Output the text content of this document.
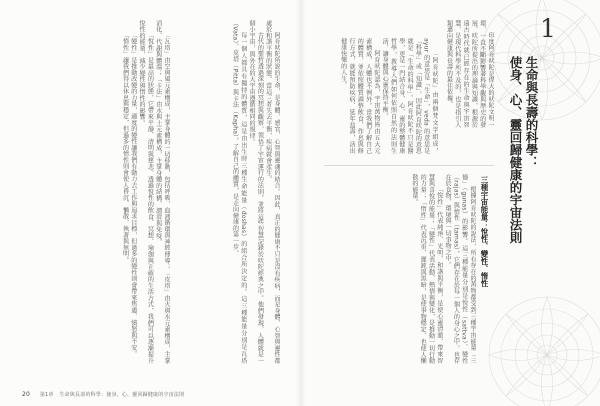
1
生命與長壽的科學：
使身、心、靈回歸健康的宇宙法則

印度阿育吠陀是偉大的吠陀文明一環，一直不斷影響著科學觀與歷史的發展。吠陀所提出的理論與知識，根源於遠古時代就已經存在的生命與宇宙智慧，是現代科學所不及的，也是指引人類邁向健康與長壽的最佳依據。

「阿育吠陀」由兩個梵文字組成，ayur 的意思是「生命」，veda 的意思是「科學」或「知識」，因此阿育吠陀的意思就是「生命的科學」。阿育吠陀不只是醫學，更是一門結合身、心、靈的整體健康哲學，教導人們如何依照自然的法則生活，讓身體與心靈保持平衡。

阿育吠陀認為，宇宙萬物皆由五大元素構成，人體也不例外。當我們了解自己的體質，並依照體質調整飲食、作息與修行方式，就能預防疾病、延年益壽，活出健康快樂的人生。

三種宇宙能量：悅性、變性、惰性

根據阿育吠陀的說法，所有存在的萬物都受到三種宇宙能量「三德」（gunas）的影響。這三種能量分別是悅性（sattva）、變性（rajas）與惰性（tamas），它們存在於每一個人的身心之中，也存在於食物、環境與一切事物之中。

「悅性」代表純淨、光明、和諧與平衡，是使心靈清澈、帶來智慧與喜悅的能量；「變性」代表活動、熱情與變化，是推動一切行動的力量；「惰性」代表沉重、遲鈍與黑暗，是使事物穩定、也使人懶散的能量。

阿育吠陀所說的生命，是身體、感官、心智與靈魂的結合。因此，真正的健康不只是沒有疾病，而是身體、心智與靈性都處於和諧平衡的狀態。當這三者失去平衡，疾病就會產生。

古代的聖哲透過深刻的冥想與觀察，領悟了宇宙運行的法則，並將這些智慧記錄於吠陀經典之中。他們發現，人體就是一個小宇宙，與外在的大宇宙遵循相同的規律。

每一個人都具有獨特的體質，這是由出生時三種生命能量（doshas）的組合所決定的。這三種能量分別是瓦塔（Vata）、皮塔（Pitta）與卡法（Kapha）。了解自己的體質，是走向健康的第一步。

「瓦塔」由空與風元素構成，主掌身體的一切移動，包括呼吸、血液循環與神經傳導；「皮塔」由火與水元素構成，主掌消化、代謝與體溫；「卡法」由水與土元素構成，主掌身體的結構、潤滑與免疫。

「悅性」是最高的狀態，它帶來平靜、清明與慈悲。透過悅性的飲食、冥想、瑜伽與正確的生活方式，我們可以逐漸提升悅性的能量，減少變性與惰性的影響。

「變性」是推動改變的力量，適度的變性讓我們有動力去工作與追求目標，但過多的變性則會帶來焦慮、憤怒與不安。

「惰性」讓我們得以休息與穩定，但過多的惰性則會使人昏沉、懶散、執著與無明。

20 第1章 生命與長壽的科學：使身、心、靈回歸健康的宇宙法則
